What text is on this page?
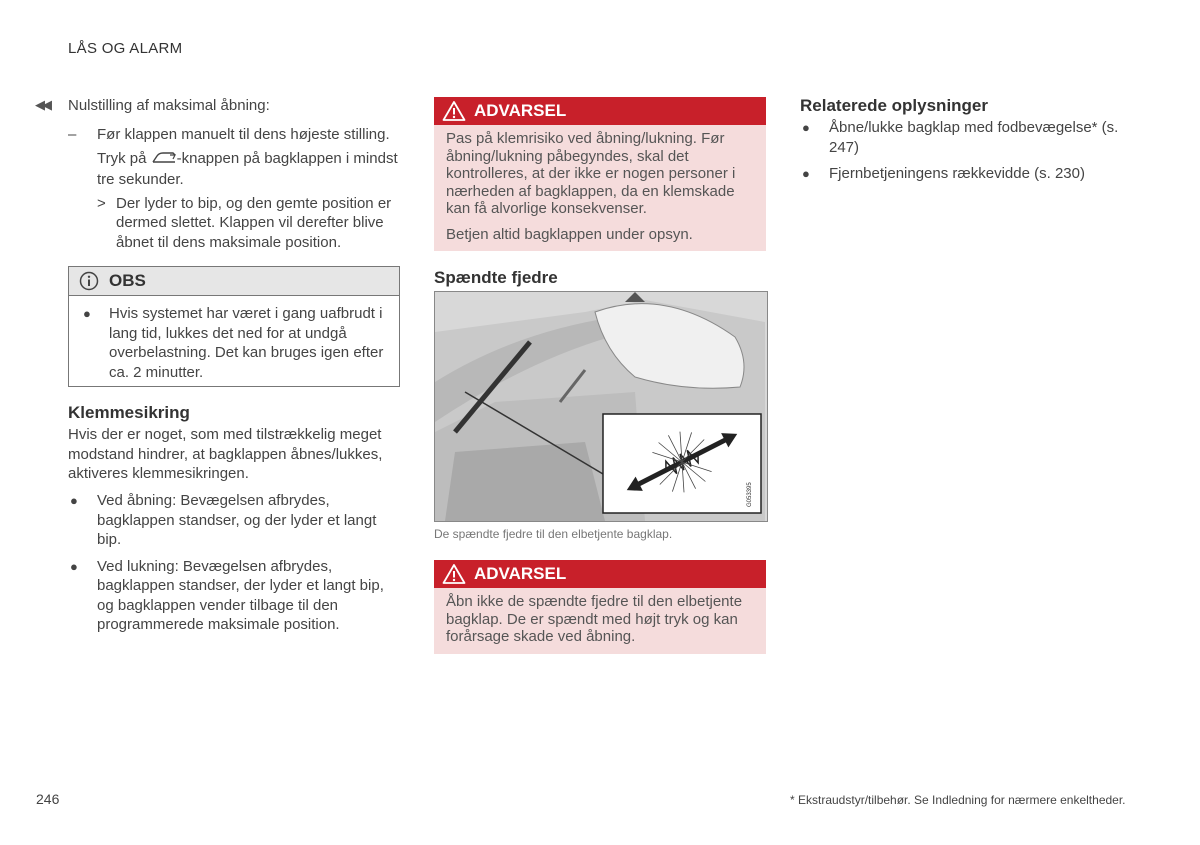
LÅS OG ALARM
◀◀ Nulstilling af maksimal åbning:
– Før klappen manuelt til dens højeste stilling.
Tryk på -knappen på bagklappen i mindst tre sekunder.
> Der lyder to bip, og den gemte position er dermed slettet. Klappen vil derefter blive åbnet til dens maksimale position.
OBS
● Hvis systemet har været i gang uafbrudt i lang tid, lukkes det ned for at undgå overbelastning. Det kan bruges igen efter ca. 2 minutter.
Klemmesikring
Hvis der er noget, som med tilstrækkelig meget modstand hindrer, at bagklappen åbnes/lukkes, aktiveres klemmesikringen.
● Ved åbning: Bevægelsen afbrydes, bagklappen standser, og der lyder et langt bip.
● Ved lukning: Bevægelsen afbrydes, bagklappen standser, der lyder et langt bip, og bagklappen vender tilbage til den programmerede maksimale position.
ADVARSEL

Pas på klemrisiko ved åbning/lukning. Før åbning/lukning påbegyndes, skal det kontrolleres, at der ikke er nogen personer i nærheden af bagklappen, da en klemskade kan få alvorlige konsekvenser.

Betjen altid bagklappen under opsyn.

Spændte fjedre
G053395
De spændte fjedre til den elbetjente bagklap.
ADVARSEL

Åbn ikke de spændte fjedre til den elbetjente bagklap. De er spændt med højt tryk og kan forårsage skade ved åbning.

Relaterede oplysninger
● Åbne/lukke bagklap med fodbevægelse* (s. 247)
● Fjernbetjeningens rækkevidde (s. 230)
246	* Ekstraudstyr/tilbehør. Se Indledning for nærmere enkeltheder.
